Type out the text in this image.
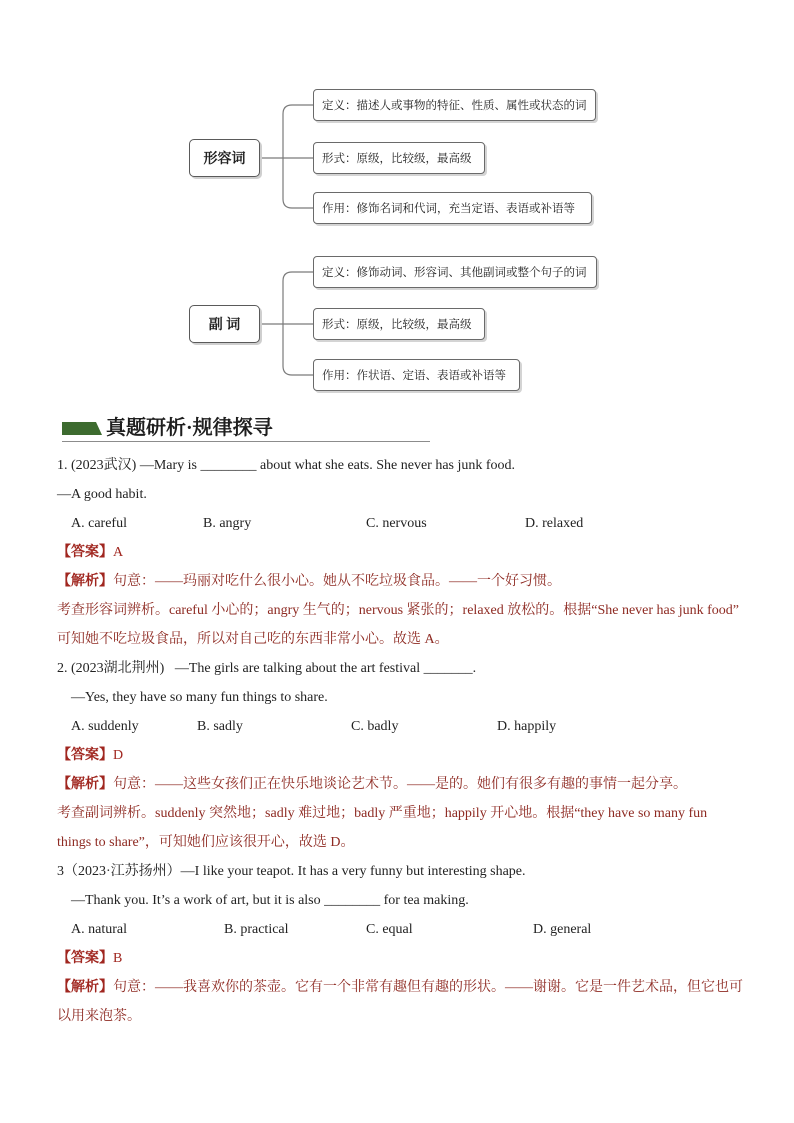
形容词
定义：描述人或事物的特征、性质、属性或状态的词
形式：原级，比较级，最高级
作用：修饰名词和代词，充当定语、表语或补语等
副 词
定义：修饰动词、形容词、其他副词或整个句子的词
形式：原级，比较级，最高级
作用：作状语、定语、表语或补语等
真题研析·规律探寻
1. (2023武汉) —Mary is ________ about what she eats. She never has junk food.
—A good habit.
A. careful	B. angry	C. nervous	D. relaxed
【答案】A
【解析】句意：——玛丽对吃什么很小心。她从不吃垃圾食品。——一个好习惯。
考查形容词辨析。careful 小心的；angry 生气的；nervous 紧张的；relaxed 放松的。根据“She never has junk food”
可知她不吃垃圾食品，所以对自己吃的东西非常小心。故选 A。
2. (2023湖北荆州)   —The girls are talking about the art festival _______.
—Yes, they have so many fun things to share.
A. suddenly	B. sadly	C. badly	D. happily
【答案】D
【解析】句意：——这些女孩们正在快乐地谈论艺术节。——是的。她们有很多有趣的事情一起分享。
考查副词辨析。suddenly 突然地；sadly 难过地；badly 严重地；happily 开心地。根据“they have so many fun
things to share”，可知她们应该很开心，故选 D。
3（2023·江苏扬州）—I like your teapot. It has a very funny but interesting shape.
—Thank you. It’s a work of art, but it is also ________ for tea making.
A. natural	B. practical	C. equal	D. general
【答案】B
【解析】句意：——我喜欢你的茶壶。它有一个非常有趣但有趣的形状。——谢谢。它是一件艺术品，但它也可
以用来泡茶。
